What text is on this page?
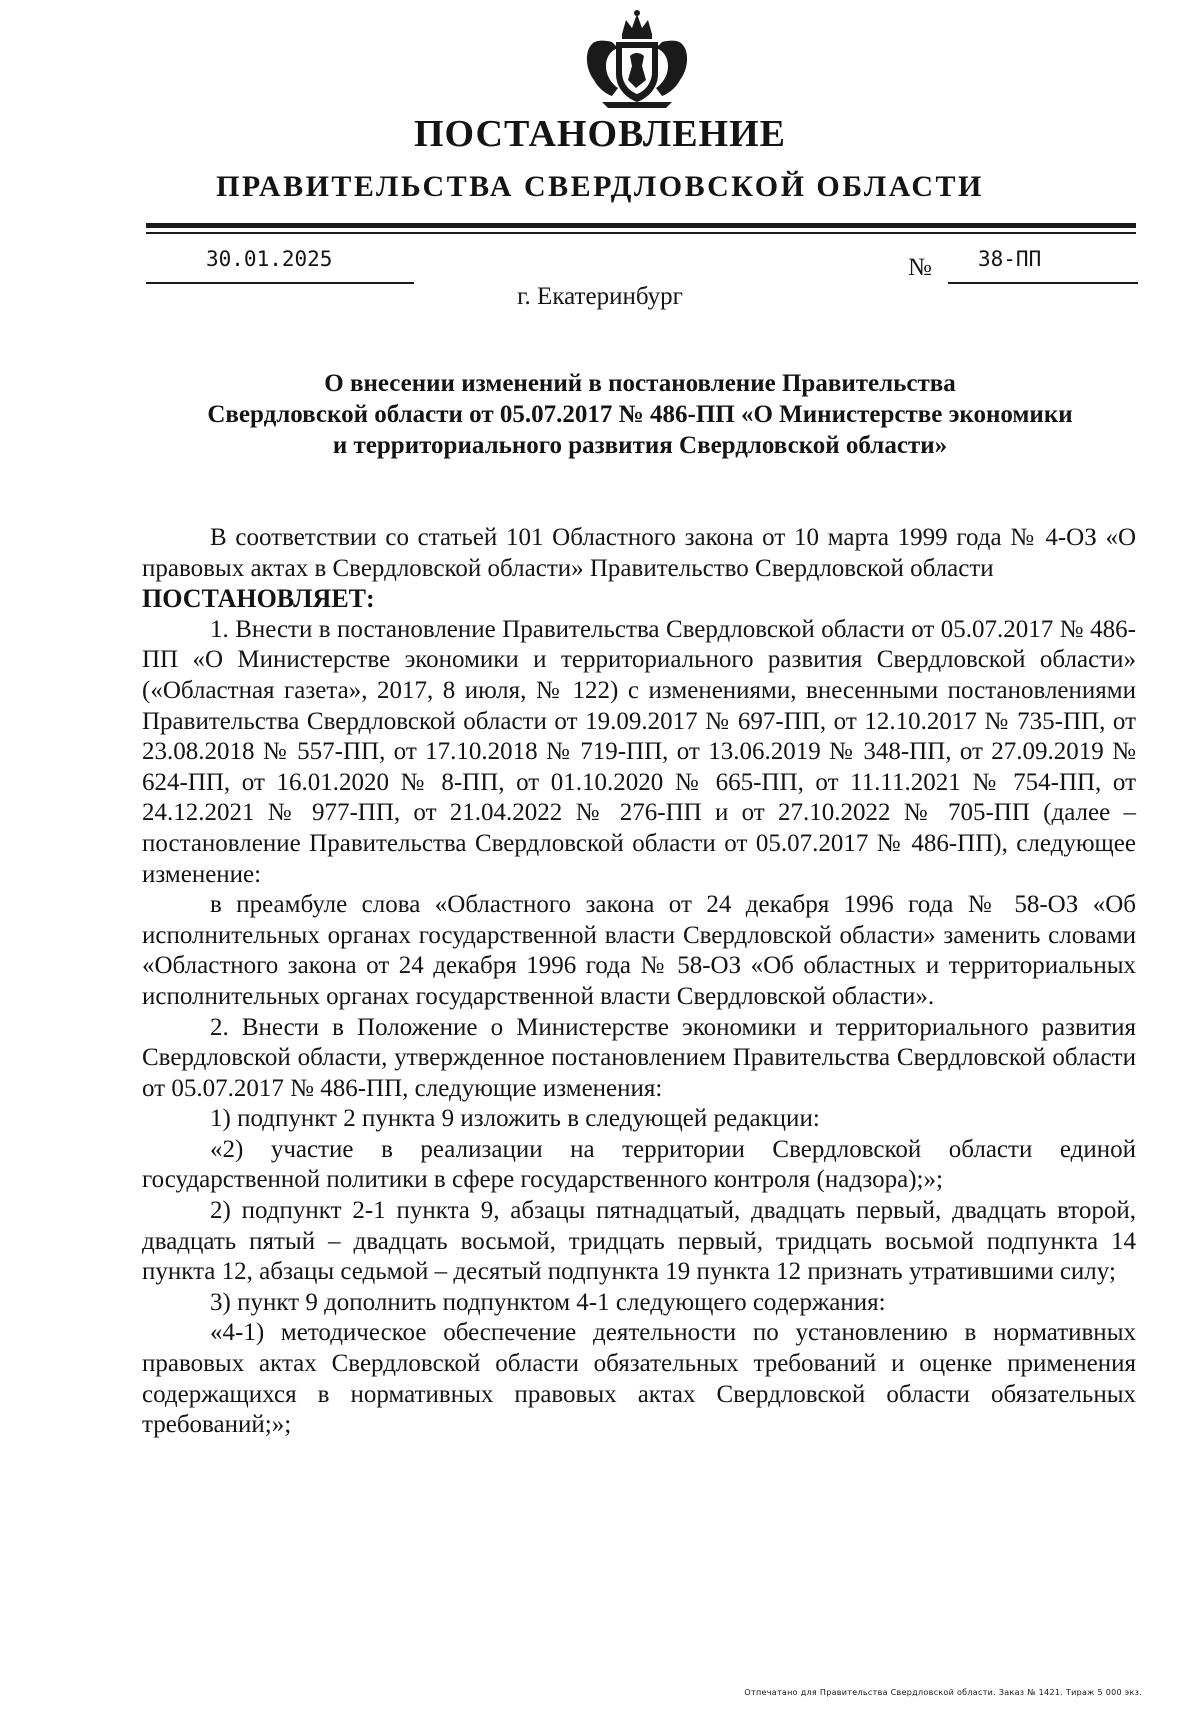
ПОСТАНОВЛЕНИЕ
ПРАВИТЕЛЬСТВА СВЕРДЛОВСКОЙ ОБЛАСТИ
30.01.2025	№ 38-ПП
г. Екатеринбург
О внесении изменений в постановление Правительства
Свердловской области от 05.07.2017 № 486-ПП «О Министерстве экономики
и территориального развития Свердловской области»

В соответствии со статьей 101 Областного закона от 10 марта 1999 года № 4-ОЗ «О правовых актах в Свердловской области» Правительство Свердловской области

ПОСТАНОВЛЯЕТ:

1. Внести в постановление Правительства Свердловской области от 05.07.2017 № 486-ПП «О Министерстве экономики и территориального развития Свердловской области» («Областная газета», 2017, 8 июля, № 122) с изменениями, внесенными постановлениями Правительства Свердловской области от 19.09.2017 № 697-ПП, от 12.10.2017 № 735-ПП, от 23.08.2018 № 557-ПП, от 17.10.2018 № 719-ПП, от 13.06.2019 № 348-ПП, от 27.09.2019 № 624-ПП, от 16.01.2020 № 8-ПП, от 01.10.2020 № 665-ПП, от 11.11.2021 № 754-ПП, от 24.12.2021 № 977-ПП, от 21.04.2022 № 276-ПП и от 27.10.2022 № 705-ПП (далее – постановление Правительства Свердловской области от 05.07.2017 № 486-ПП), следующее изменение:

в преамбуле слова «Областного закона от 24 декабря 1996 года № 58-ОЗ «Об исполнительных органах государственной власти Свердловской области» заменить словами «Областного закона от 24 декабря 1996 года № 58-ОЗ «Об областных и территориальных исполнительных органах государственной власти Свердловской области».

2. Внести в Положение о Министерстве экономики и территориального развития Свердловской области, утвержденное постановлением Правительства Свердловской области от 05.07.2017 № 486-ПП, следующие изменения:

1) подпункт 2 пункта 9 изложить в следующей редакции:

«2) участие в реализации на территории Свердловской области единой государственной политики в сфере государственного контроля (надзора);»;

2) подпункт 2-1 пункта 9, абзацы пятнадцатый, двадцать первый, двадцать второй, двадцать пятый – двадцать восьмой, тридцать первый, тридцать восьмой подпункта 14 пункта 12, абзацы седьмой – десятый подпункта 19 пункта 12 признать утратившими силу;

3) пункт 9 дополнить подпунктом 4-1 следующего содержания:

«4-1) методическое обеспечение деятельности по установлению в нормативных правовых актах Свердловской области обязательных требований и оценке применения содержащихся в нормативных правовых актах Свердловской области обязательных требований;»;

Отпечатано для Правительства Свердловской области. Заказ № 1421. Тираж 5 000 экз.
